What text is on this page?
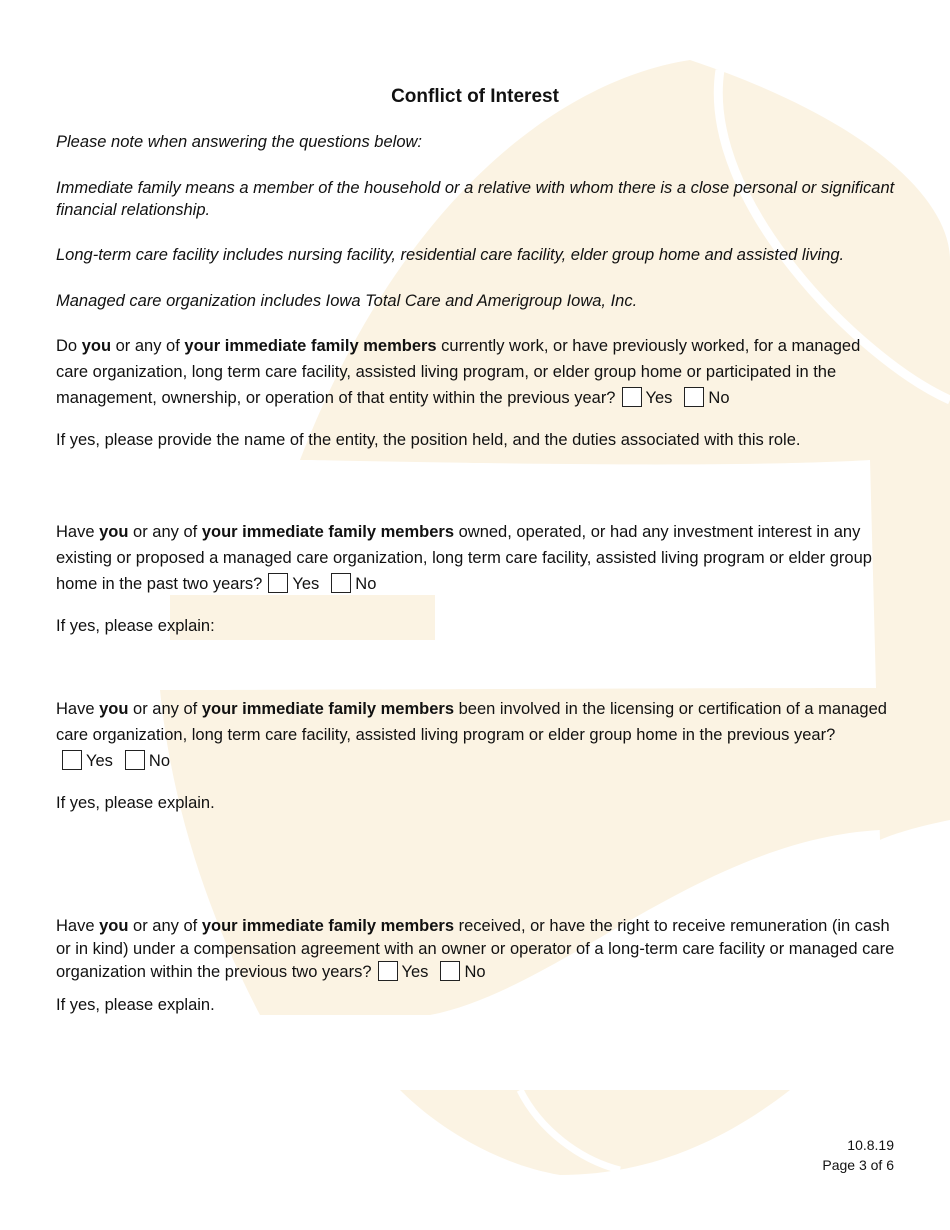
Conflict of Interest

Please note when answering the questions below:

Immediate family means a member of the household or a relative with whom there is a close personal or significant financial relationship.

Long-term care facility includes nursing facility, residential care facility, elder group home and assisted living.

Managed care organization includes Iowa Total Care and Amerigroup Iowa, Inc.

Do you or any of your immediate family members currently work, or have previously worked, for a managed care organization, long term care facility, assisted living program, or elder group home or participated in the management, ownership, or operation of that entity within the previous year? Yes No

If yes, please provide the name of the entity, the position held, and the duties associated with this role.

Have you or any of your immediate family members owned, operated, or had any investment interest in any existing or proposed a managed care organization, long term care facility, assisted living program or elder group home in the past two years? Yes No

If yes, please explain:

Have you or any of your immediate family members been involved in the licensing or certification of a managed care organization, long term care facility, assisted living program or elder group home in the previous year?Yes No

If yes, please explain.

Have you or any of your immediate family members received, or have the right to receive remuneration (in cash or in kind) under a compensation agreement with an owner or operator of a long-term care facility or managed care organization within the previous two years? Yes No

If yes, please explain.

10.8.19
Page 3 of 6
